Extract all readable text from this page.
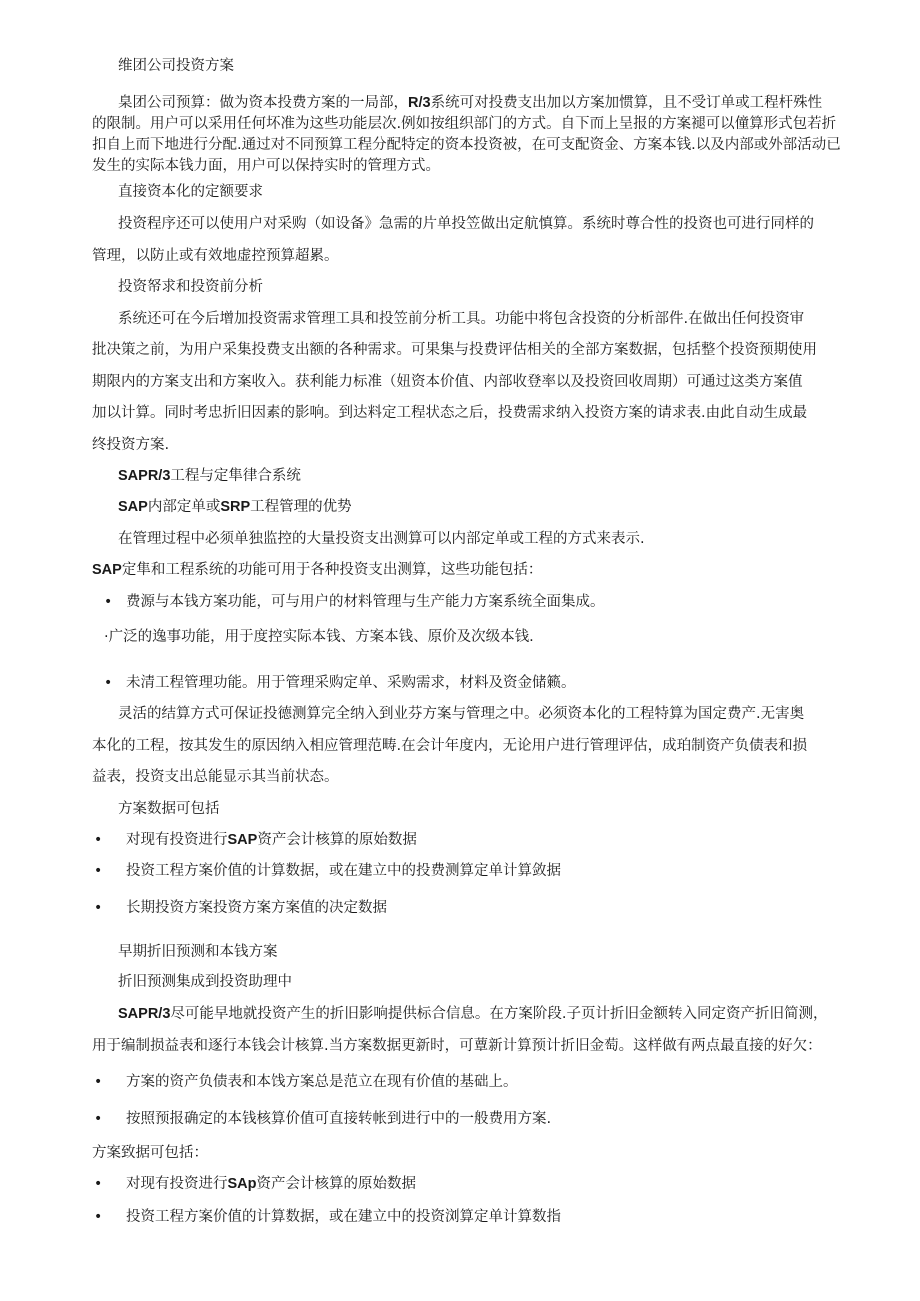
维团公司投资方案
臬团公司预算：做为资本投费方案的一局部，R/3系统可对投费支出加以方案加惯算，且不受订单或工程杆殊性
的限制。用户可以采用任何坏准为这些功能层次.例如按组织部门的方式。自下而上呈报的方案褪可以僮算形式包若折
扣自上而下地进行分配.通过对不同预算工程分配特定的资本投资被，在可支配资金、方案本钱.以及内部或外部活动已
发生的实际本钱力面，用户可以保持实时的管理方式。
直接资本化的定额要求
投资程序还可以使用户对采购（如设备》急需的片单投笠做出定航慎算。系统时尊合性的投资也可进行同样的
管理，以防止或有效地虚控预算超累。
投资帑求和投资前分析
系统还可在今后增加投资需求管理工具和投笠前分析工具。功能中将包含投资的分析部件.在做出任何投资审
批决策之前，为用户采集投费支出额的各种需求。可果集与投费评估相关的全部方案数据，包括整个投资预期使用
期限内的方案支出和方案收入。获利能力标准（妞资本价值、内部收登率以及投资回收周期）可通过这类方案值
加以计算。同时考忠折旧因素的影响。到达料定工程状态之后，投费需求纳入投资方案的请求表.由此自动生成最
终投资方案.
SAPR/3工程与定隼律合系统
SAP内部定单或SRP工程管理的优势
在管理过程中必须单独监控的大量投资支出测算可以内部定单或工程的方式来表示.
SAP定隼和工程系统的功能可用于各种投资支出测算，这些功能包括：
• 费源与本钱方案功能，可与用户的材料管理与生产能力方案系统全面集成。
·广泛的逸事功能，用于度控实际本钱、方案本钱、原价及次级本钱.
• 未清工程管理功能。用于管理采购定单、采购需求，材料及资金储籁。
灵活的结算方式可保证投德测算完全纳入到业芬方案与管理之中。必须资本化的工程特算为国定费产.无害奥
本化的工程，按其发生的原因纳入相应管理范畴.在会计年度内，无论用户进行管理评估，成珀制资产负债表和损
益表，投资支出总能显示其当前状态。
方案数据可包括
• 对现有投资进行SAP资产会计核算的原始数据
• 投资工程方案价值的计算数据，或在建立中的投费测算定单计算敛据
• 长期投资方案投资方案方案值的决定数据
早期折旧预测和本钱方案
折旧预测集成到投资助理中
SAPR/3尽可能早地就投资产生的折旧影响提供标合信息。在方案阶段.子页计折旧金额转入同定资产折旧简测，
用于编制损益表和逐行本钱会计核算.当方案数据更新时，可蕈新计算预计折旧金萄。这样做有两点最直接的好欠：
• 方案的资产负债表和本饯方案总是范立在现有价值的基础上。
• 按照预报确定的本钱核算价值可直接转帐到进行中的一般费用方案.
方案致据可包括：
• 对现有投资进行SAp资产会计核算的原始数据
• 投资工程方案价值的计算数据，或在建立中的投资浏算定单计算数指
